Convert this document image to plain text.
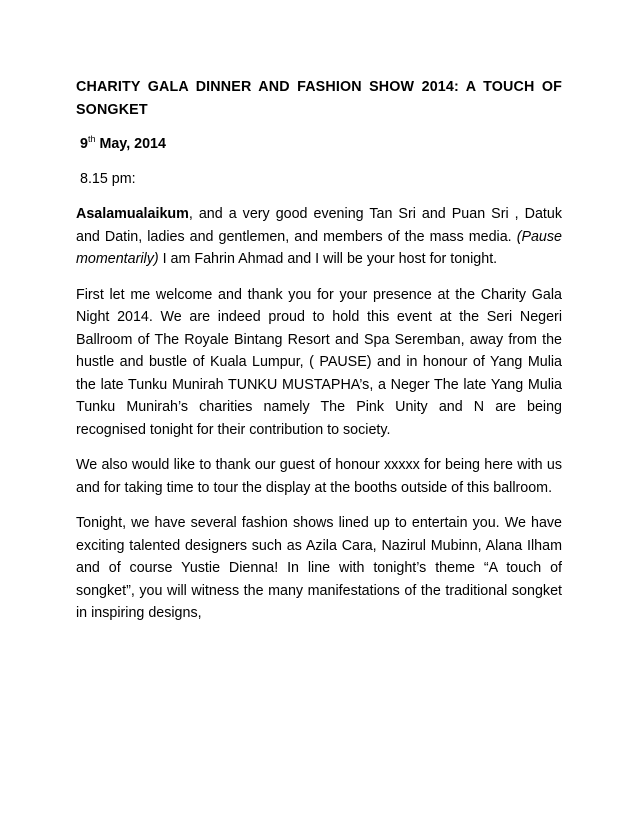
CHARITY GALA DINNER AND FASHION SHOW 2014: A TOUCH OF SONGKET
9th May, 2014
8.15 pm:

Asalamualaikum, and a very good evening Tan Sri and Puan Sri , Datuk and Datin, ladies and gentlemen, and members of the mass media. (Pause momentarily) I am Fahrin Ahmad and I will be your host for tonight.

First let me welcome and thank you for your presence at the Charity Gala Night 2014. We are indeed proud to hold this event at the Seri Negeri Ballroom of The Royale Bintang Resort and Spa Seremban, away from the hustle and bustle of Kuala Lumpur, ( PAUSE) and in honour of Yang Mulia the late Tunku Munirah TUNKU MUSTAPHA’s, a Neger The late Yang Mulia Tunku Munirah’s charities namely The Pink Unity and N are being recognised tonight for their contribution to society.

We also would like to thank our guest of honour xxxxx for being here with us and for taking time to tour the display at the booths outside of this ballroom.

Tonight, we have several fashion shows lined up to entertain you. We have exciting talented designers such as Azila Cara, Nazirul Mubinn, Alana Ilham and of course Yustie Dienna! In line with tonight’s theme “A touch of songket”, you will witness the many manifestations of the traditional songket in inspiring designs,
